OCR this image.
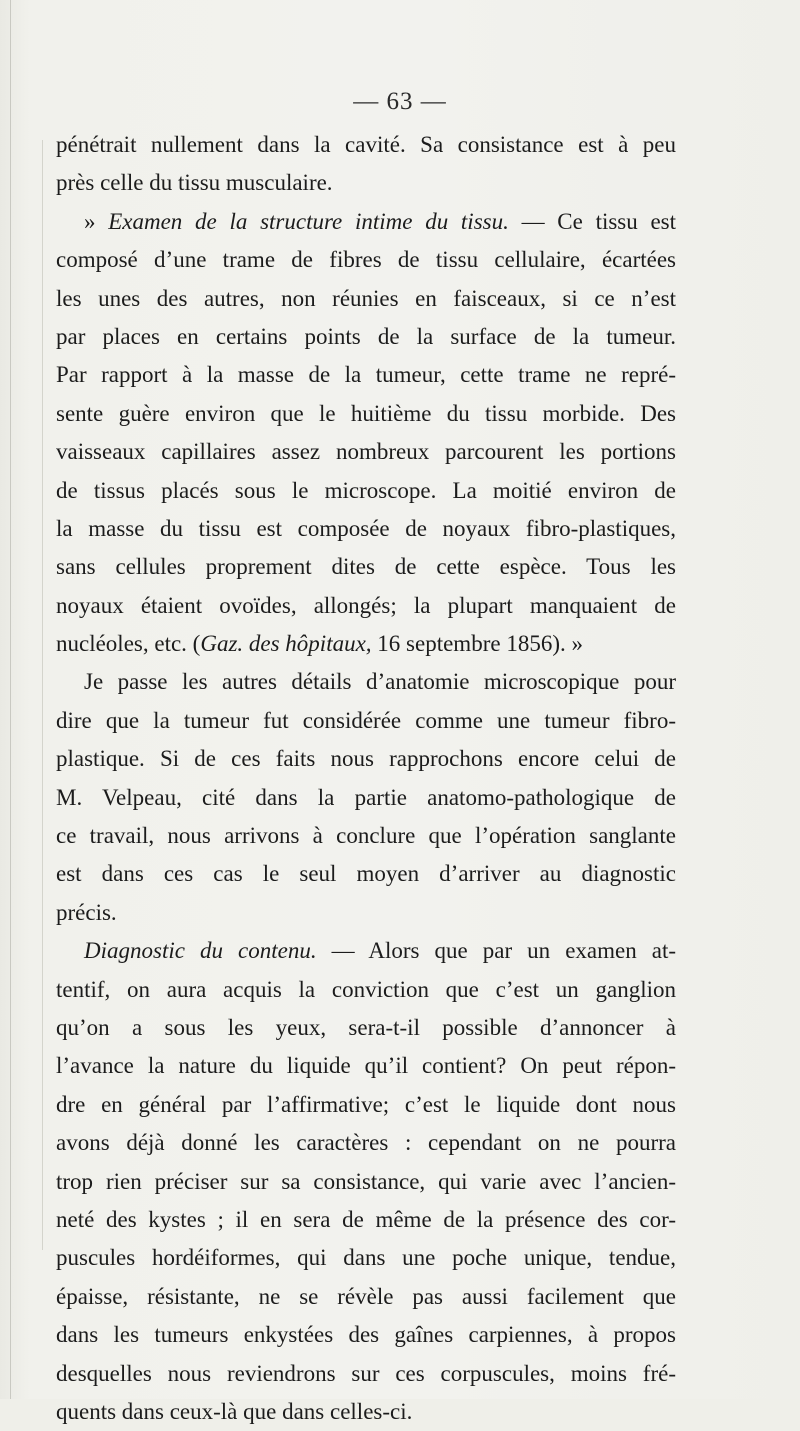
— 63 —
pénétrait nullement dans la cavité. Sa consistance est à peu
près celle du tissu musculaire.
» Examen de la structure intime du tissu. — Ce tissu est
composé d’une trame de fibres de tissu cellulaire, écartées
les unes des autres, non réunies en faisceaux, si ce n’est
par places en certains points de la surface de la tumeur.
Par rapport à la masse de la tumeur, cette trame ne repré-
sente guère environ que le huitième du tissu morbide. Des
vaisseaux capillaires assez nombreux parcourent les portions
de tissus placés sous le microscope. La moitié environ de
la masse du tissu est composée de noyaux fibro-plastiques,
sans cellules proprement dites de cette espèce. Tous les
noyaux étaient ovoïdes, allongés; la plupart manquaient de
nucléoles, etc. (Gaz. des hôpitaux, 16 septembre 1856). »
Je passe les autres détails d’anatomie microscopique pour
dire que la tumeur fut considérée comme une tumeur fibro-
plastique. Si de ces faits nous rapprochons encore celui de
M. Velpeau, cité dans la partie anatomo-pathologique de
ce travail, nous arrivons à conclure que l’opération sanglante
est dans ces cas le seul moyen d’arriver au diagnostic
précis.
Diagnostic du contenu. — Alors que par un examen at-
tentif, on aura acquis la conviction que c’est un ganglion
qu’on a sous les yeux, sera-t-il possible d’annoncer à
l’avance la nature du liquide qu’il contient? On peut répon-
dre en général par l’affirmative; c’est le liquide dont nous
avons déjà donné les caractères : cependant on ne pourra
trop rien préciser sur sa consistance, qui varie avec l’ancien-
neté des kystes ; il en sera de même de la présence des cor-
puscules hordéiformes, qui dans une poche unique, tendue,
épaisse, résistante, ne se révèle pas aussi facilement que
dans les tumeurs enkystées des gaînes carpiennes, à propos
desquelles nous reviendrons sur ces corpuscules, moins fré-
quents dans ceux-là que dans celles-ci.
